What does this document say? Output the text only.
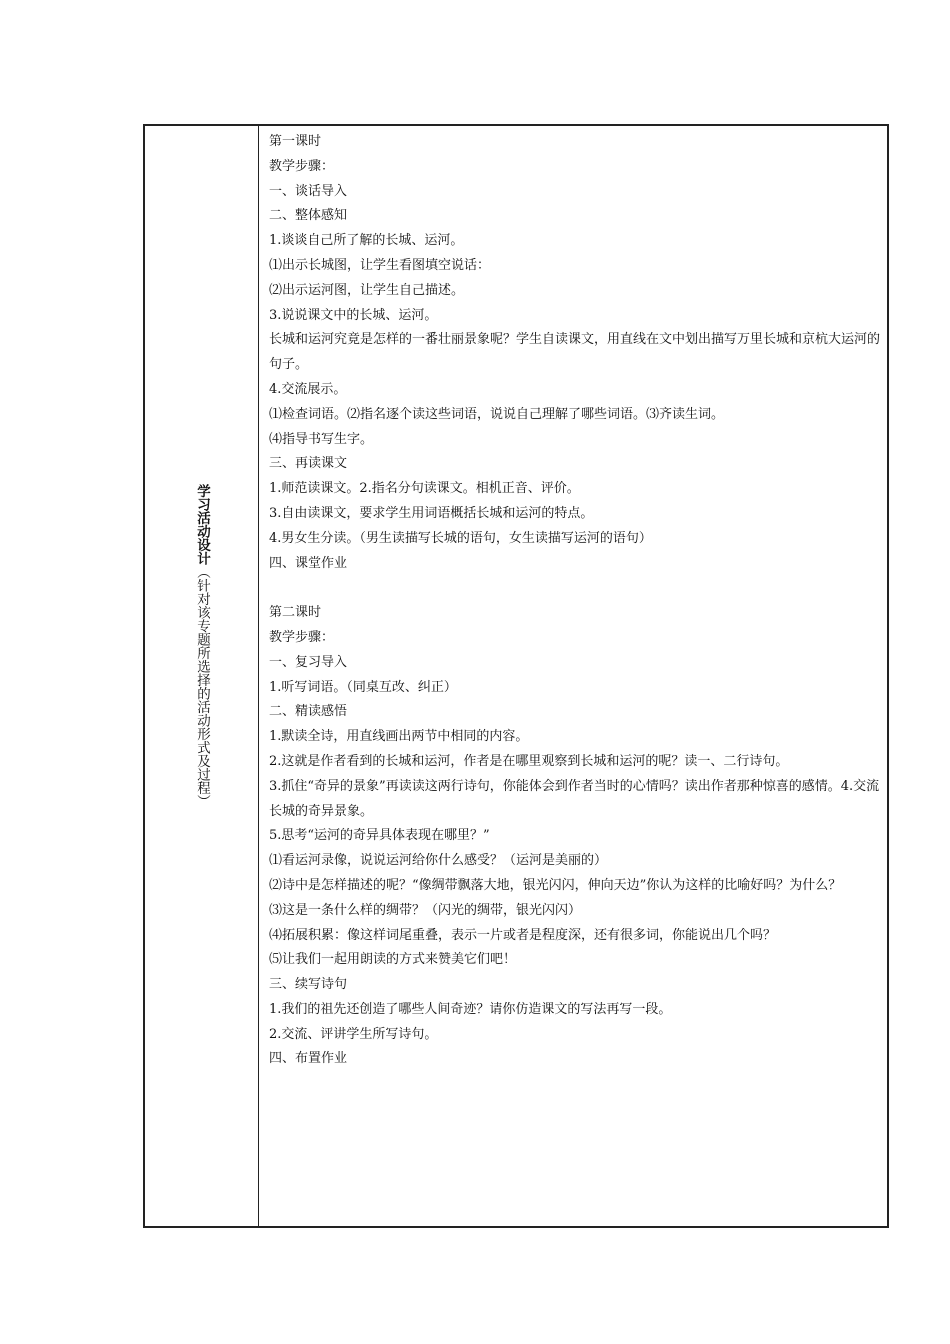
学习活动设计（针对该专题所选择的活动形式及过程）
第一课时
教学步骤：
一、谈话导入
二、整体感知
1.谈谈自己所了解的长城、运河。
⑴出示长城图，让学生看图填空说话：
⑵出示运河图，让学生自己描述。
3.说说课文中的长城、运河。
长城和运河究竟是怎样的一番壮丽景象呢？学生自读课文，用直线在文中划出描写万里长城和京杭大运河的句子。
4.交流展示。
⑴检查词语。⑵指名逐个读这些词语，说说自己理解了哪些词语。⑶齐读生词。
⑷指导书写生字。
三、再读课文
1.师范读课文。2.指名分句读课文。相机正音、评价。
3.自由读课文，要求学生用词语概括长城和运河的特点。
4.男女生分读。（男生读描写长城的语句，女生读描写运河的语句）
四、课堂作业
第二课时
教学步骤：
一、复习导入
1.听写词语。（同桌互改、纠正）
二、精读感悟
1.默读全诗，用直线画出两节中相同的内容。
2.这就是作者看到的长城和运河，作者是在哪里观察到长城和运河的呢？读一、二行诗句。
3.抓住“奇异的景象”再读读这两行诗句，你能体会到作者当时的心情吗？读出作者那种惊喜的感情。4.交流长城的奇异景象。
5.思考“运河的奇异具体表现在哪里？”
⑴看运河录像，说说运河给你什么感受？（运河是美丽的）
⑵诗中是怎样描述的呢？“像绸带飘落大地，银光闪闪，伸向天边”你认为这样的比喻好吗？为什么？
⑶这是一条什么样的绸带？（闪光的绸带，银光闪闪）
⑷拓展积累：像这样词尾重叠，表示一片或者是程度深，还有很多词，你能说出几个吗？
⑸让我们一起用朗读的方式来赞美它们吧！
三、续写诗句
1.我们的祖先还创造了哪些人间奇迹？请你仿造课文的写法再写一段。
2.交流、评讲学生所写诗句。
四、布置作业
